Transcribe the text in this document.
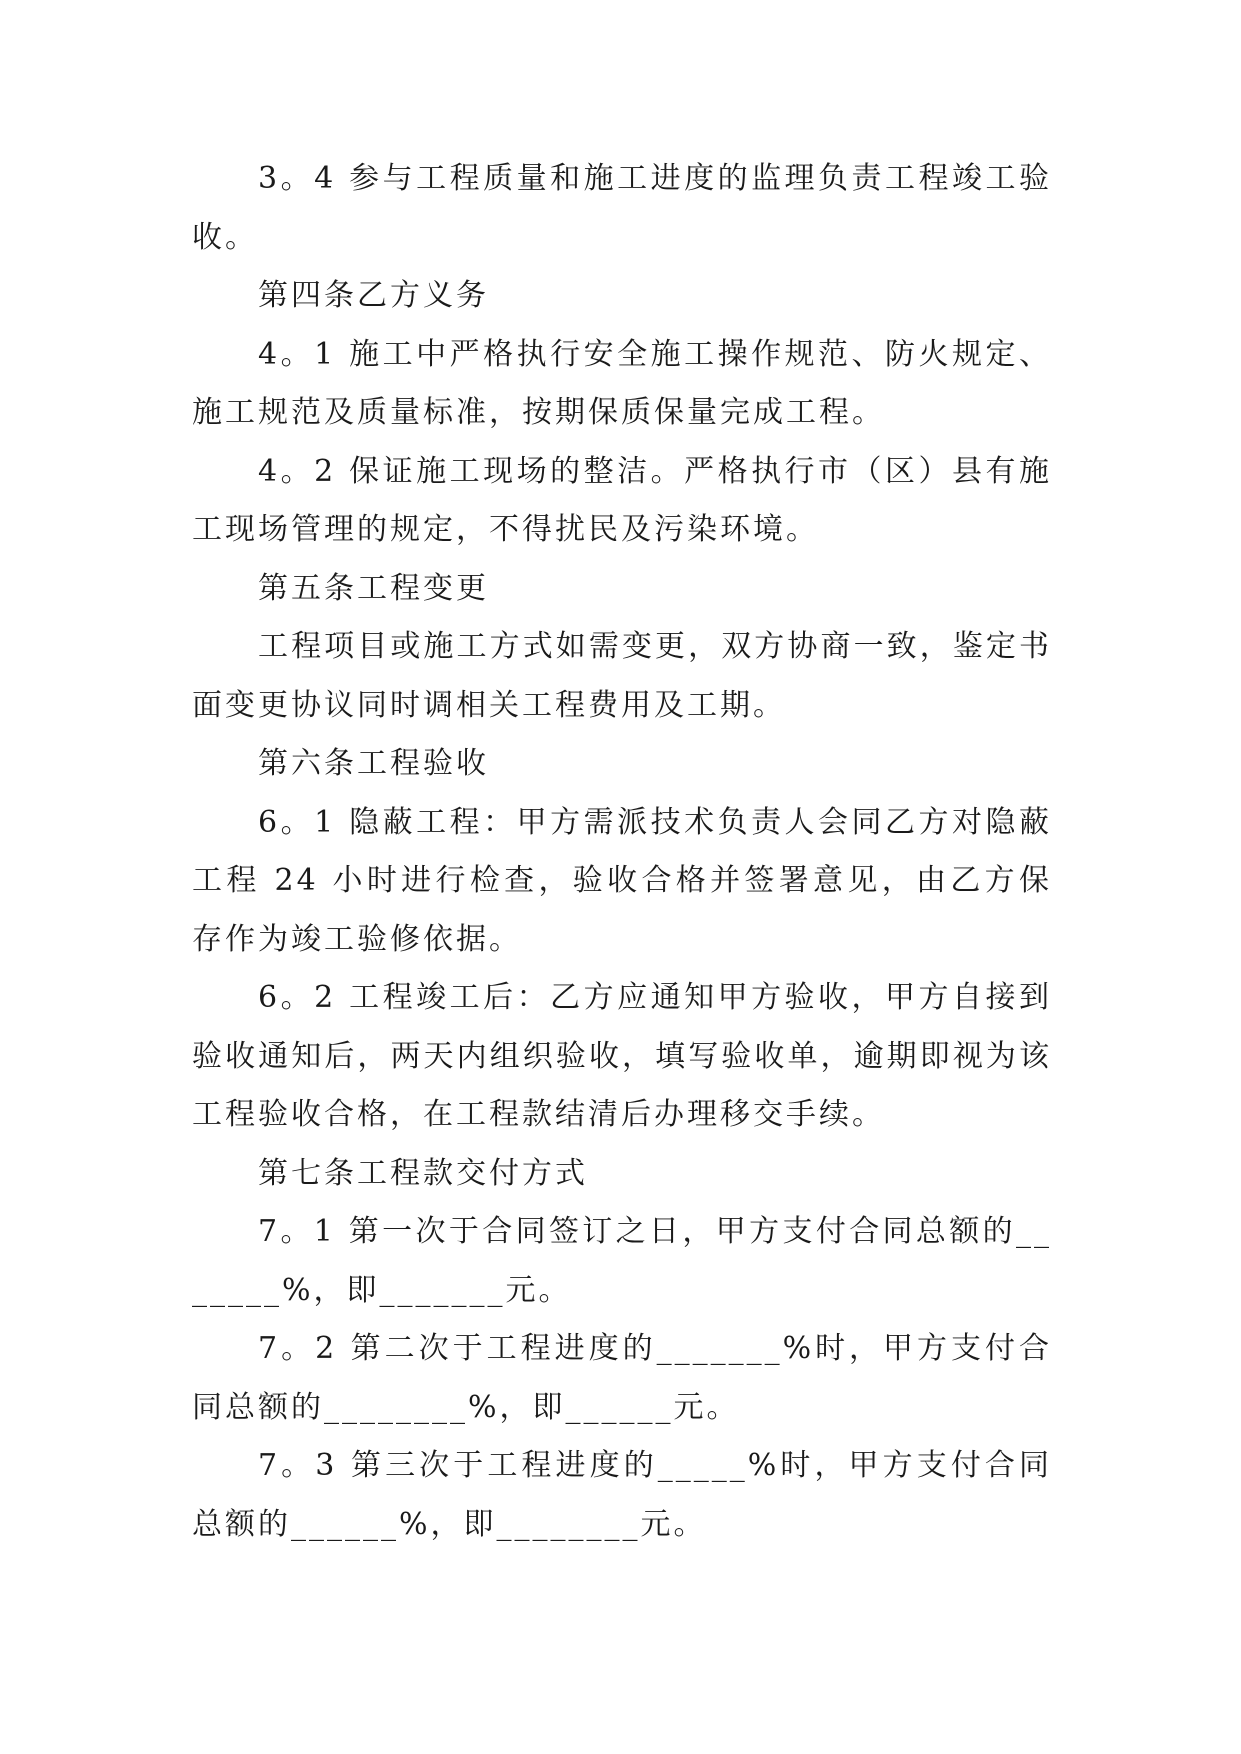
3。4 参与工程质量和施工进度的监理负责工程竣工验收。

第四条乙方义务

4。1 施工中严格执行安全施工操作规范、防火规定、施工规范及质量标准，按期保质保量完成工程。

4。2 保证施工现场的整洁。严格执行市（区）县有施工现场管理的规定，不得扰民及污染环境。

第五条工程变更

工程项目或施工方式如需变更，双方协商一致，鉴定书面变更协议同时调相关工程费用及工期。

第六条工程验收

6。1 隐蔽工程：甲方需派技术负责人会同乙方对隐蔽工程 24 小时进行检查，验收合格并签署意见，由乙方保存作为竣工验修依据。

6。2 工程竣工后：乙方应通知甲方验收，甲方自接到验收通知后，两天内组织验收，填写验收单，逾期即视为该工程验收合格，在工程款结清后办理移交手续。

第七条工程款交付方式

7。1 第一次于合同签订之日，甲方支付合同总额的_______%，即_______元。

7。2 第二次于工程进度的_______%时，甲方支付合同总额的________%，即______元。

7。3 第三次于工程进度的_____%时，甲方支付合同总额的______%，即________元。
